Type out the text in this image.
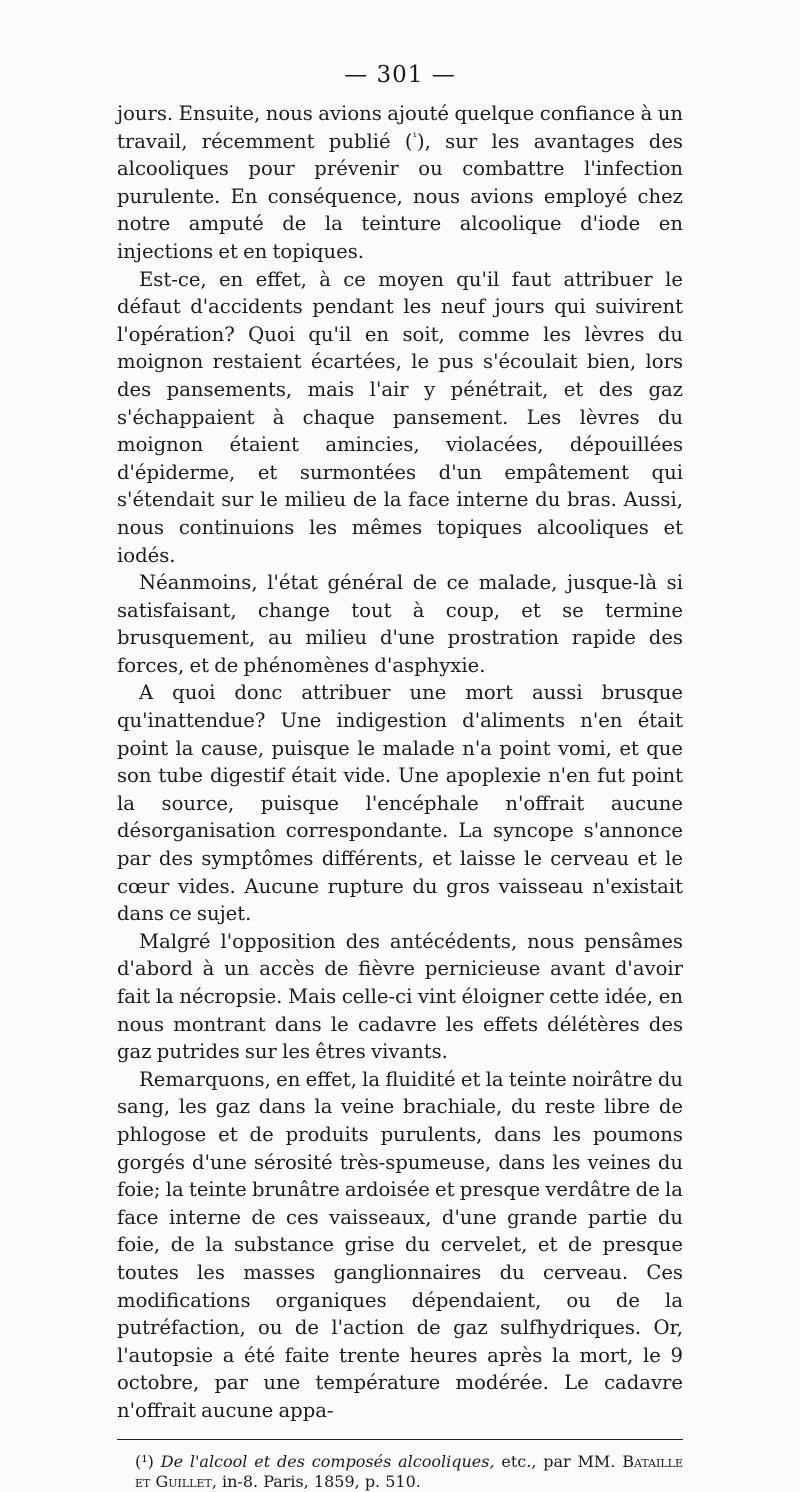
— 301 —

jours. Ensuite, nous avions ajouté quelque confiance à un travail, récemment publié ($^{^1}$), sur les avantages des alcooliques pour prévenir ou combattre l'infection purulente. En conséquence, nous avions employé chez notre amputé de la teinture alcoolique d'iode en injections et en topiques.

Est-ce, en effet, à ce moyen qu'il faut attribuer le défaut d'accidents pendant les neuf jours qui suivirent l'opération? Quoi qu'il en soit, comme les lèvres du moignon restaient écartées, le pus s'écoulait bien, lors des pansements, mais l'air y pénétrait, et des gaz s'échappaient à chaque pansement. Les lèvres du moignon étaient amincies, violacées, dépouillées d'épiderme, et surmontées d'un empâtement qui s'étendait sur le milieu de la face interne du bras. Aussi, nous continuions les mêmes topiques alcooliques et iodés.

Néanmoins, l'état général de ce malade, jusque-là si satisfaisant, change tout à coup, et se termine brusquement, au milieu d'une prostration rapide des forces, et de phénomènes d'asphyxie.

A quoi donc attribuer une mort aussi brusque qu'inattendue? Une indigestion d'aliments n'en était point la cause, puisque le malade n'a point vomi, et que son tube digestif était vide. Une apoplexie n'en fut point la source, puisque l'encéphale n'offrait aucune désorganisation correspondante. La syncope s'annonce par des symptômes différents, et laisse le cerveau et le cœur vides. Aucune rupture du gros vaisseau n'existait dans ce sujet.

Malgré l'opposition des antécédents, nous pensâmes d'abord à un accès de fièvre pernicieuse avant d'avoir fait la nécropsie. Mais celle-ci vint éloigner cette idée, en nous montrant dans le cadavre les effets délétères des gaz putrides sur les êtres vivants.

Remarquons, en effet, la fluidité et la teinte noirâtre du sang, les gaz dans la veine brachiale, du reste libre de phlogose et de produits purulents, dans les poumons gorgés d'une sérosité très-spumeuse, dans les veines du foie; la teinte brunâtre ardoisée et presque verdâtre de la face interne de ces vaisseaux, d'une grande partie du foie, de la substance grise du cervelet, et de presque toutes les masses ganglionnaires du cerveau. Ces modifications organiques dépendaient, ou de la putréfaction, ou de l'action de gaz sulfhydriques. Or, l'autopsie a été faite trente heures après la mort, le 9 octobre, par une température modérée. Le cadavre n'offrait aucune appa-

(¹) De l'alcool et des composés alcooliques, etc., par MM. Bataille et Guillet, in-8. Paris, 1859, p. 510.
